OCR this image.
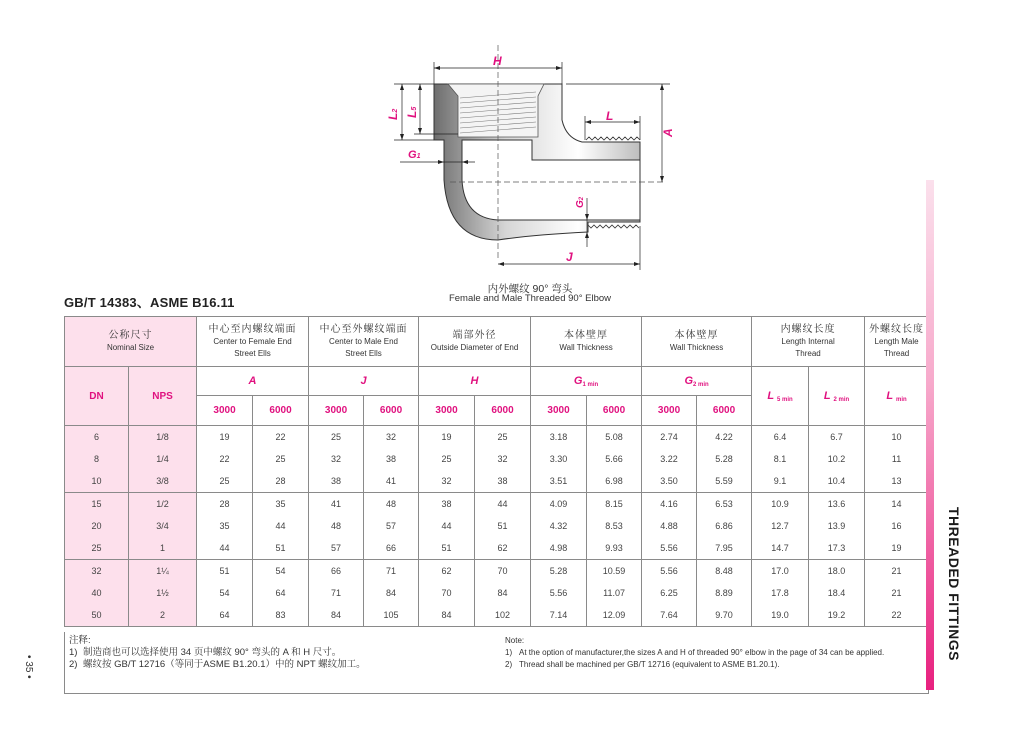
H
L
J
A
L2 L5
G1
G2
内外螺纹 90° 弯头
Female and Male Threaded 90° Elbow
GB/T 14383、ASME B16.11
公称尺寸
Nominal Size		中心至内螺纹端面
Center to Female End
Street Ells		中心至外螺纹端面
Center to Male End
Street Ells		端部外径
Outside Diameter of End		本体壁厚
Wall Thickness		本体壁厚
Wall Thickness		内螺纹长度
Length Internal
Thread		外螺纹长度
Length Male
Thread

DN	NPS	A		J		H		$G_{1 min}$		$G_{2 min}$		L $_{5 min}$	L $_{2 min}$	L $_{min}$
		3000	6000	3000	6000	3000	6000	3000	6000	3000	6000			
6	1/8	19	22	25	32	19	25	3.18	5.08	2.74	4.22	6.4	6.7	10
8	1/4	22	25	32	38	25	32	3.30	5.66	3.22	5.28	8.1	10.2	11
10	3/8	25	28	38	41	32	38	3.51	6.98	3.50	5.59	9.1	10.4	13
15	1/2	28	35	41	48	38	44	4.09	8.15	4.16	6.53	10.9	13.6	14
20	3/4	35	44	48	57	44	51	4.32	8.53	4.88	6.86	12.7	13.9	16
25	1	44	51	57	66	51	62	4.98	9.93	5.56	7.95	14.7	17.3	19
32	1¼	51	54	66	71	62	70	5.28	10.59	5.56	8.48	17.0	18.0	21
40	1½	54	64	71	84	70	84	5.56	11.07	6.25	8.89	17.8	18.4	21
50	2	64	83	84	105	84	102	7.14	12.09	7.64	9.70	19.0	19.2	22
注释:
1) 制造商也可以选择使用 34 页中螺纹 90° 弯头的 A 和 H 尺寸。
2) 螺纹按 GB/T 12716（等同于ASME B1.20.1）中的 NPT 螺纹加工。
Note:
1) At the option of manufacturer,the sizes A and H of threaded 90° elbow in the page of 34 can be applied.
2) Thread shall be machined per GB/T 12716 (equivalent to ASME B1.20.1).
• 35 •
THREADED FITTINGS
